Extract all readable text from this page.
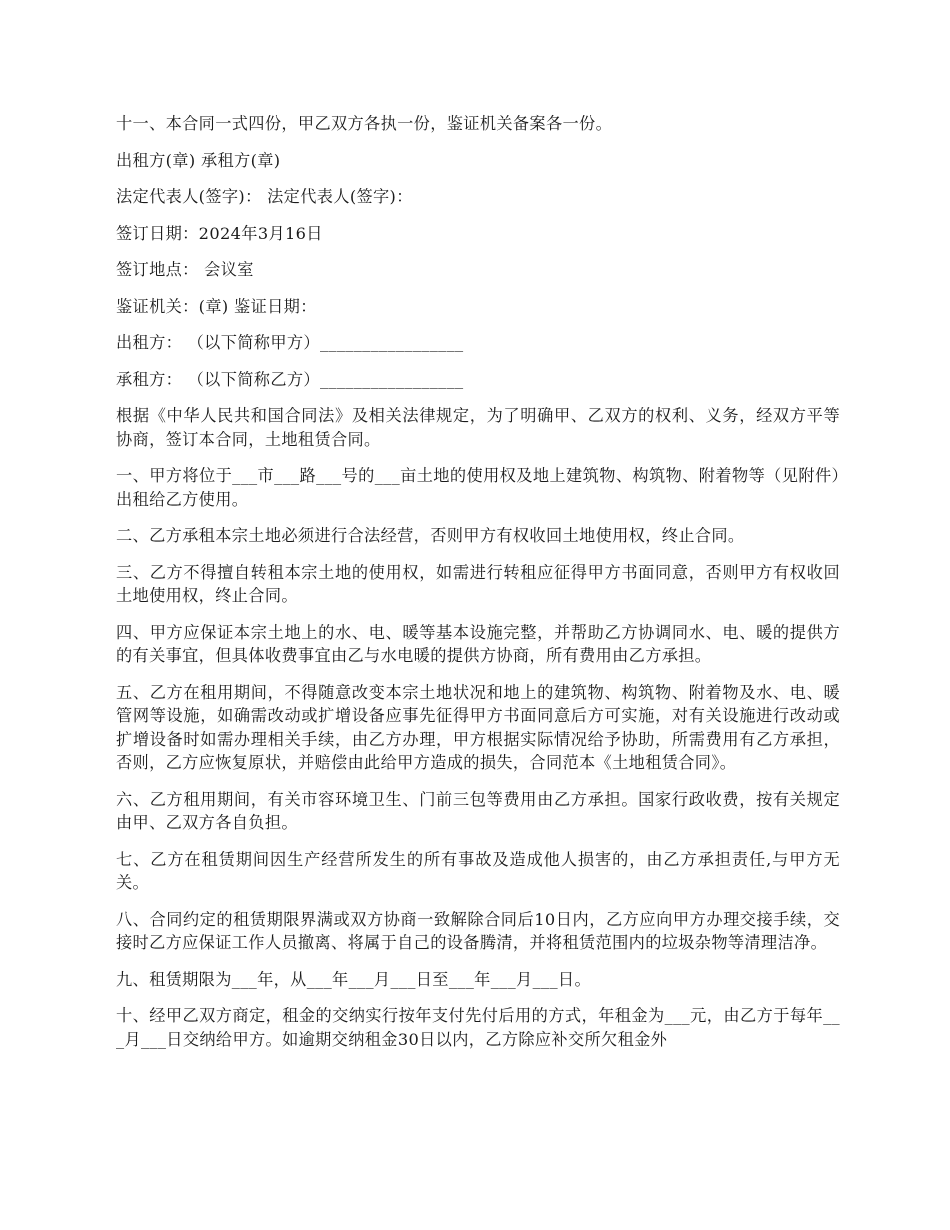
十一、本合同一式四份，甲乙双方各执一份，鉴证机关备案各一份。

出租方(章) 承租方(章)

法定代表人(签字)： 法定代表人(签字)：

签订日期：2024年3月16日

签订地点： 会议室

鉴证机关：(章) 鉴证日期：

出租方： （以下简称甲方）_________________

承租方： （以下简称乙方）_________________

根据《中华人民共和国合同法》及相关法律规定，为了明确甲、乙双方的权利、义务，经双方平等协商，签订本合同，土地租赁合同。

一、甲方将位于___市___路___号的___亩土地的使用权及地上建筑物、构筑物、附着物等（见附件）出租给乙方使用。

二、乙方承租本宗土地必须进行合法经营，否则甲方有权收回土地使用权，终止合同。

三、乙方不得擅自转租本宗土地的使用权，如需进行转租应征得甲方书面同意，否则甲方有权收回土地使用权，终止合同。

四、甲方应保证本宗土地上的水、电、暖等基本设施完整，并帮助乙方协调同水、电、暖的提供方的有关事宜，但具体收费事宜由乙与水电暖的提供方协商，所有费用由乙方承担。

五、乙方在租用期间，不得随意改变本宗土地状况和地上的建筑物、构筑物、附着物及水、电、暖管网等设施，如确需改动或扩增设备应事先征得甲方书面同意后方可实施，对有关设施进行改动或扩增设备时如需办理相关手续，由乙方办理，甲方根据实际情况给予协助，所需费用有乙方承担，否则，乙方应恢复原状，并赔偿由此给甲方造成的损失，合同范本《土地租赁合同》。

六、乙方租用期间，有关市容环境卫生、门前三包等费用由乙方承担。国家行政收费，按有关规定由甲、乙双方各自负担。

七、乙方在租赁期间因生产经营所发生的所有事故及造成他人损害的，由乙方承担责任,与甲方无关。

八、合同约定的租赁期限界满或双方协商一致解除合同后10日内，乙方应向甲方办理交接手续，交接时乙方应保证工作人员撤离、将属于自己的设备腾清，并将租赁范围内的垃圾杂物等清理洁净。

九、租赁期限为___年，从___年___月___日至___年___月___日。

十、经甲乙双方商定，租金的交纳实行按年支付先付后用的方式，年租金为___元，由乙方于每年___月___日交纳给甲方。如逾期交纳租金30日以内，乙方除应补交所欠租金外
